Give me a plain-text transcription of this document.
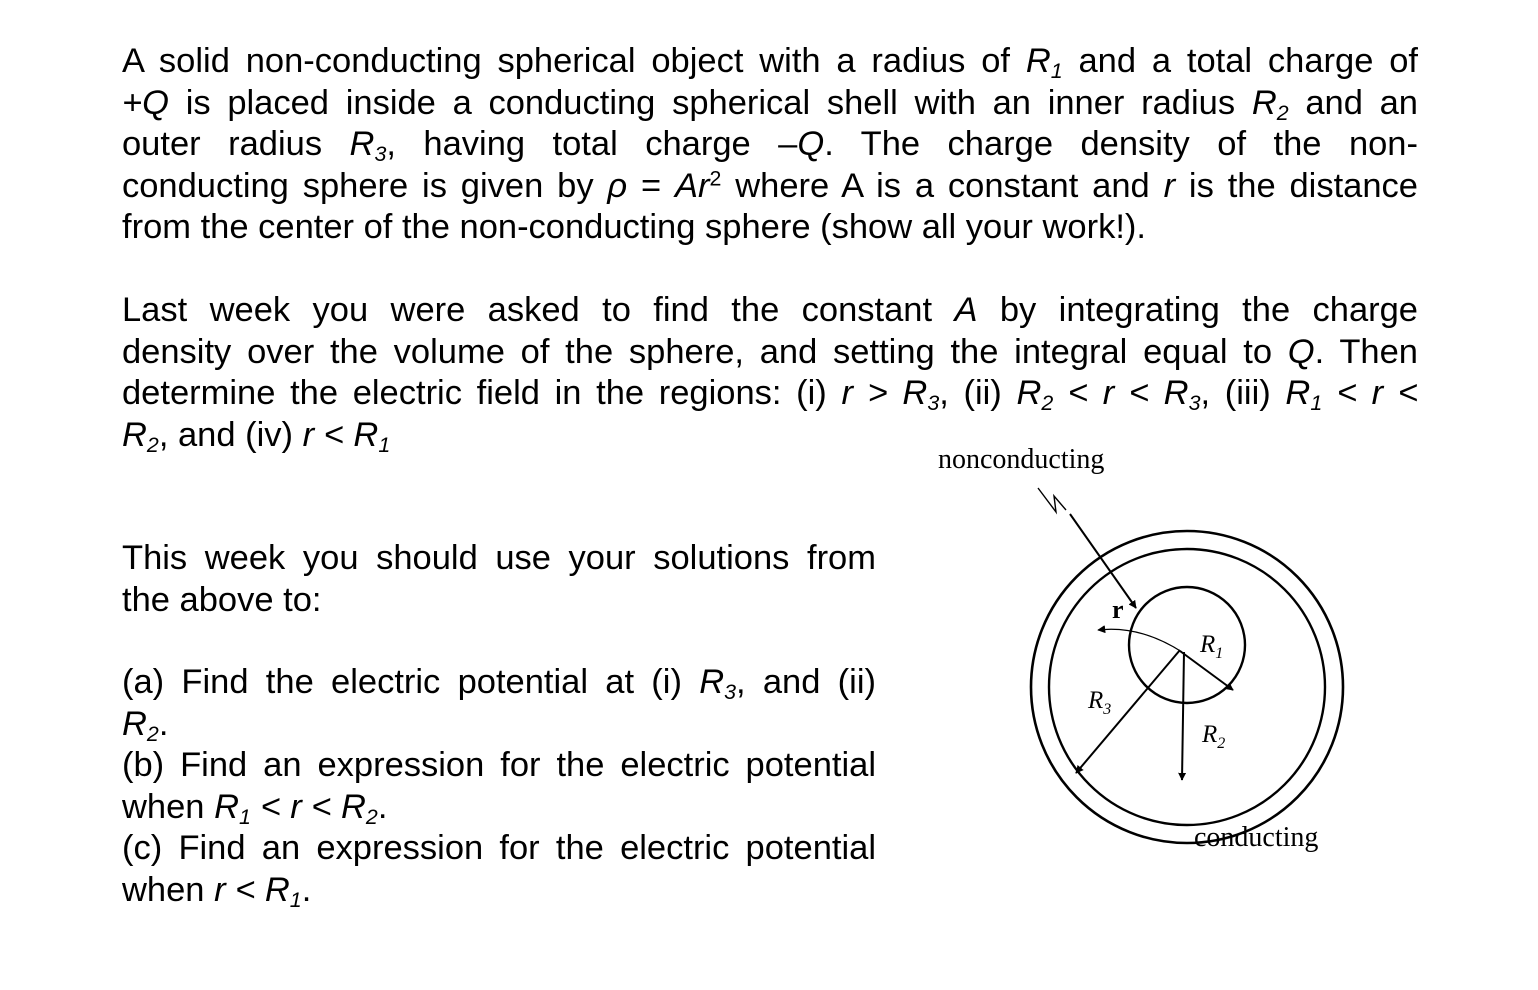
A solid non-conducting spherical object with a radius of $R_1$ and a total charge of
+Q is placed inside a conducting spherical shell with an inner radius $R_2$ and an
outer radius $R_3$, having total charge –Q. The charge density of the non-
conducting sphere is given by $\rho = Ar^2$ where A is a constant and r is the distance
from the center of the non-conducting sphere (show all your work!).
Last week you were asked to find the constant A by integrating the charge
density over the volume of the sphere, and setting the integral equal to Q. Then
determine the electric field in the regions: (i) $r > R_3$, (ii) $R_2 < r < R_3$, (iii) $R_1 < r$ <
$R_2$, and (iv) $r < R_1$
This week you should use your solutions from
the above to:
(a) Find the electric potential at (i) $R_3$, and (ii)
$R_2$.
(b) Find an expression for the electric potential
when $R_1 < r < R_2$.
(c) Find an expression for the electric potential
when $r < R_1$.
nonconducting
conducting
r
$R_1$
$R_3$
$R_2$
